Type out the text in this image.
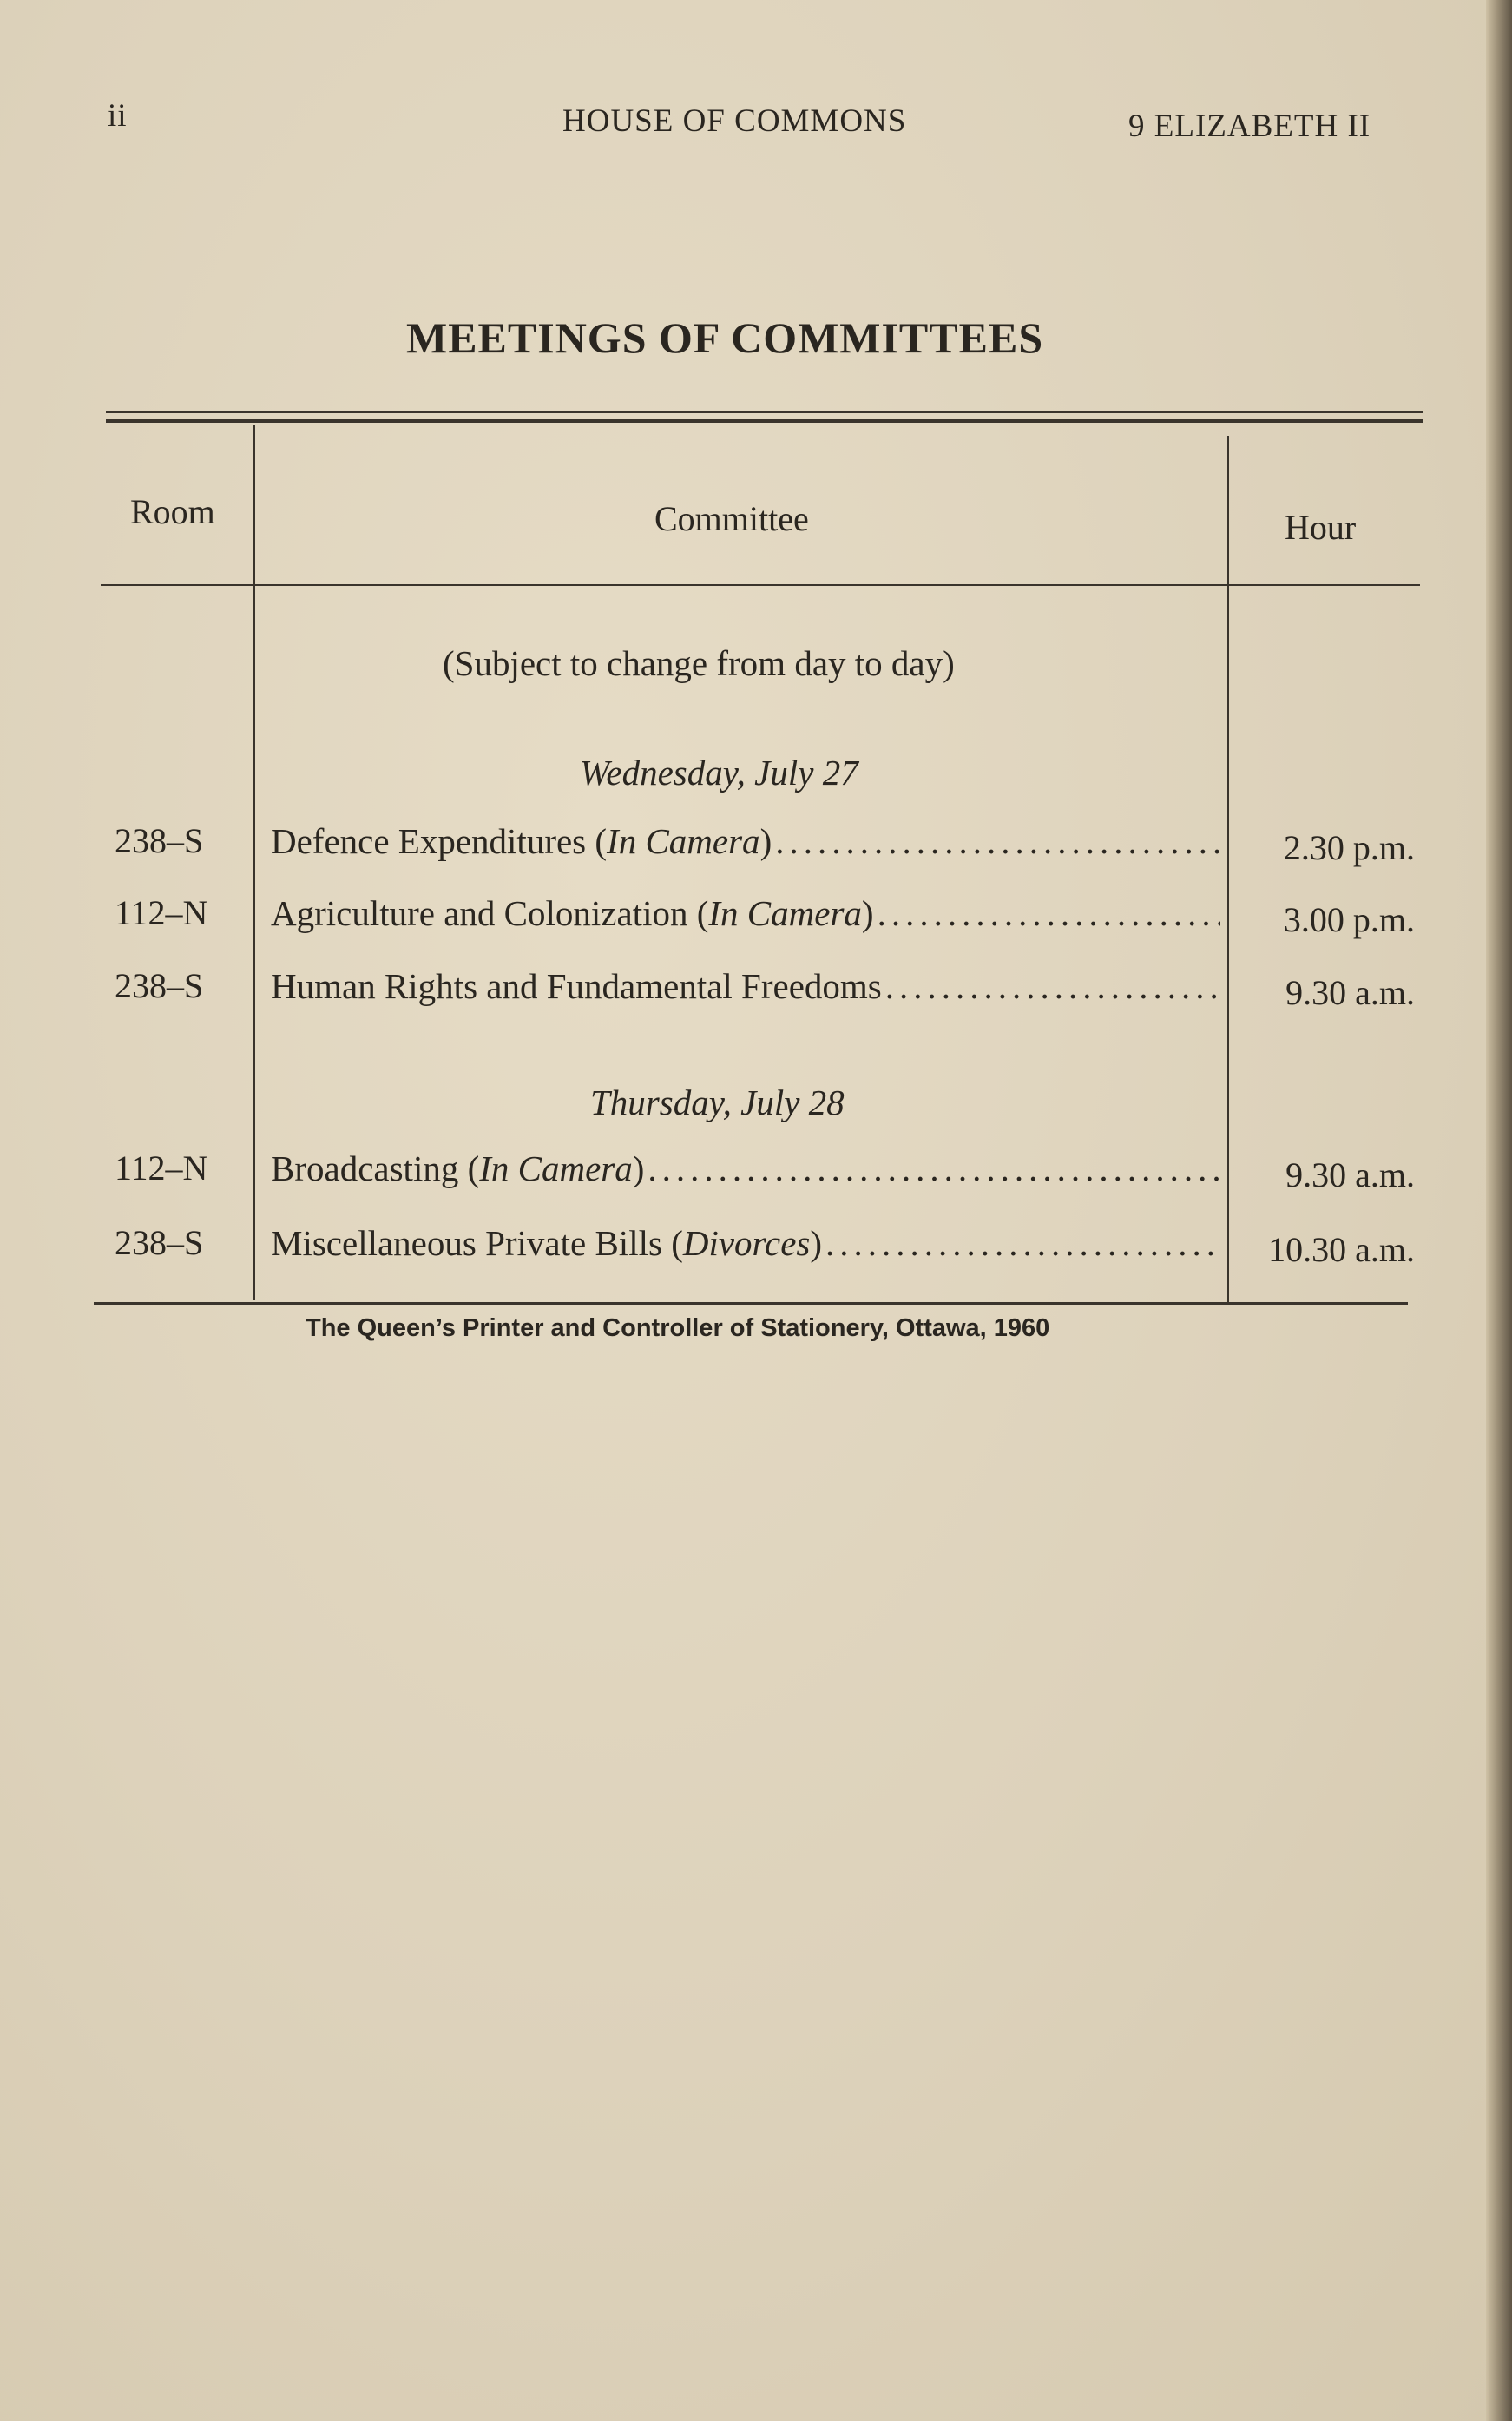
ii	HOUSE OF COMMONS	9 ELIZABETH II
MEETINGS OF COMMITTEES
Room	Committee	Hour
(Subject to change from day to day)
Wednesday, July 27
238–S Defence Expenditures ( In Camera ) .....	2.30 p.m.
112–N Agriculture and Colonization ( In Camera ) .....	3.00 p.m.
238–S Human Rights and Fundamental Freedoms .....	9.30 a.m.
Thursday, July 28
112–N Broadcasting ( In Camera ) .....	9.30 a.m.
238–S Miscellaneous Private Bills ( Divorces ) .....	10.30 a.m.
The Queen’s Printer and Controller of Stationery, Ottawa, 1960
